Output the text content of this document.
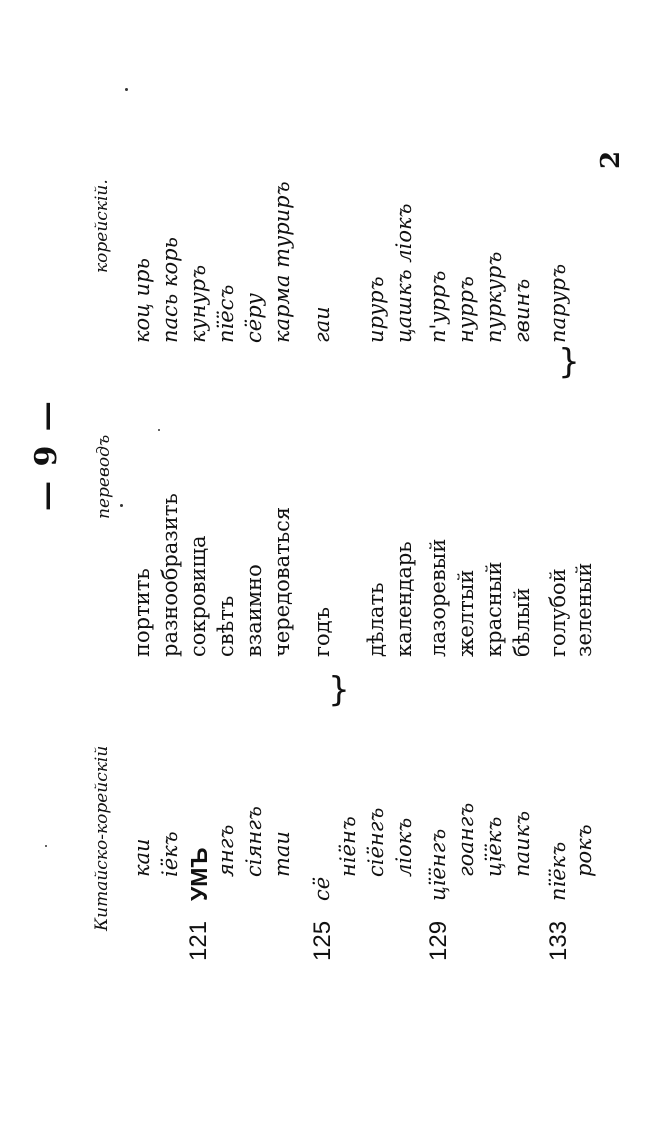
— 9 —
Китайско-корейскій
переводъ
корейскій.
каи
портить
коц ирь
іёкъ
разнообразить
пась корь
121
УМЪ
сокровища
кунуръ
янгъ
свѣтъ
пїёсъ
сіянгъ
взаимно
сёру
таи
чередоваться
карма туриръ
125
сё
годъ
гаи
ніёнъ сіёнгъ
дѣлать
ируръ
ліокъ
календарь
цашкъ ліокъ
129
цїёнгъ
лазоревый
п'урръ
гоангъ
желтый
нурръ
цїёкъ
красный
пуркуръ
паикъ
бѣлый
гвинъ
133
пїёкъ
голубой
паруръ
рокъ
зеленый
}
}
2
